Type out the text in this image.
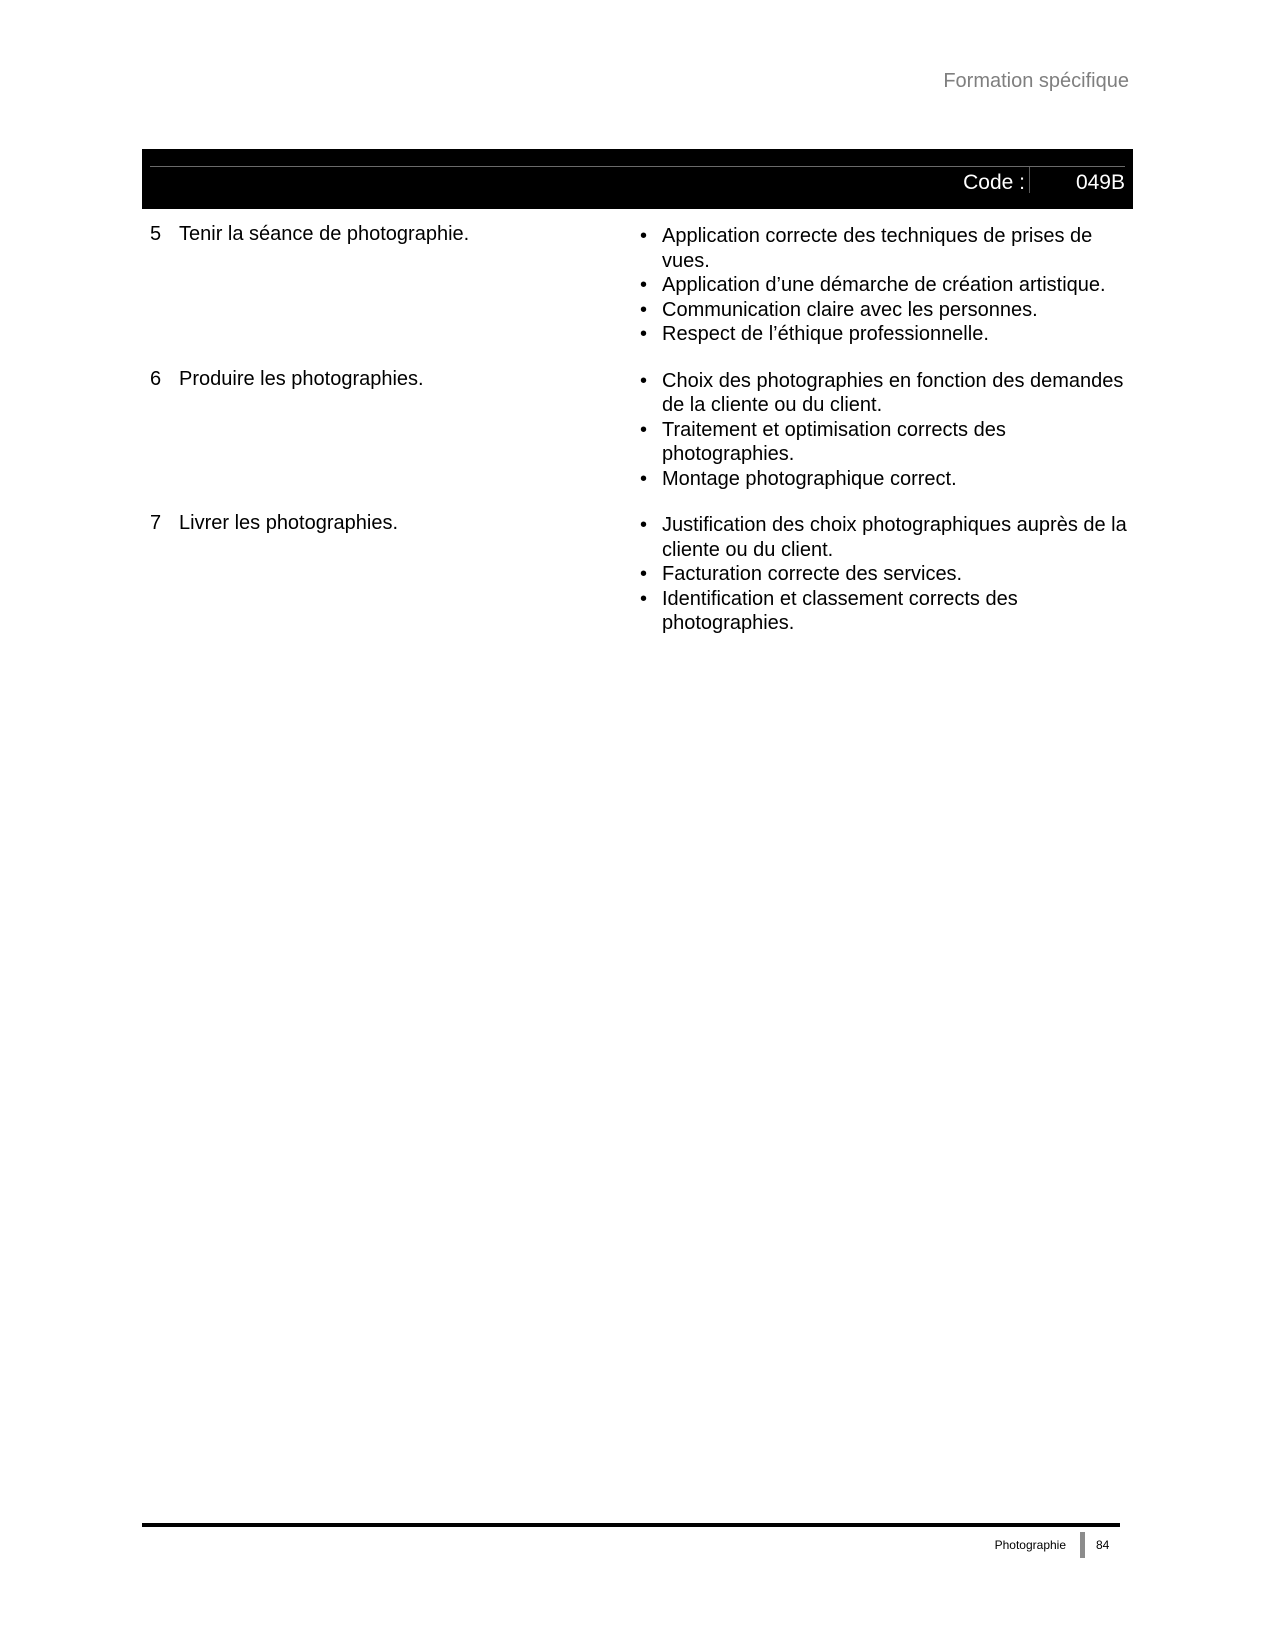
Formation spécifique
Code : 049B
5 Tenir la séance de photographie.	• Application correcte des techniques de prises de vues.
• Application d’une démarche de création artistique.
• Communication claire avec les personnes.
• Respect de l’éthique professionnelle.
6 Produire les photographies.	• Choix des photographies en fonction des demandes de la cliente ou du client.
• Traitement et optimisation corrects des photographies.
• Montage photographique correct.
7 Livrer les photographies.	• Justification des choix photographiques auprès de la cliente ou du client.
• Facturation correcte des services.
• Identification et classement corrects des photographies.
Photographie	84
